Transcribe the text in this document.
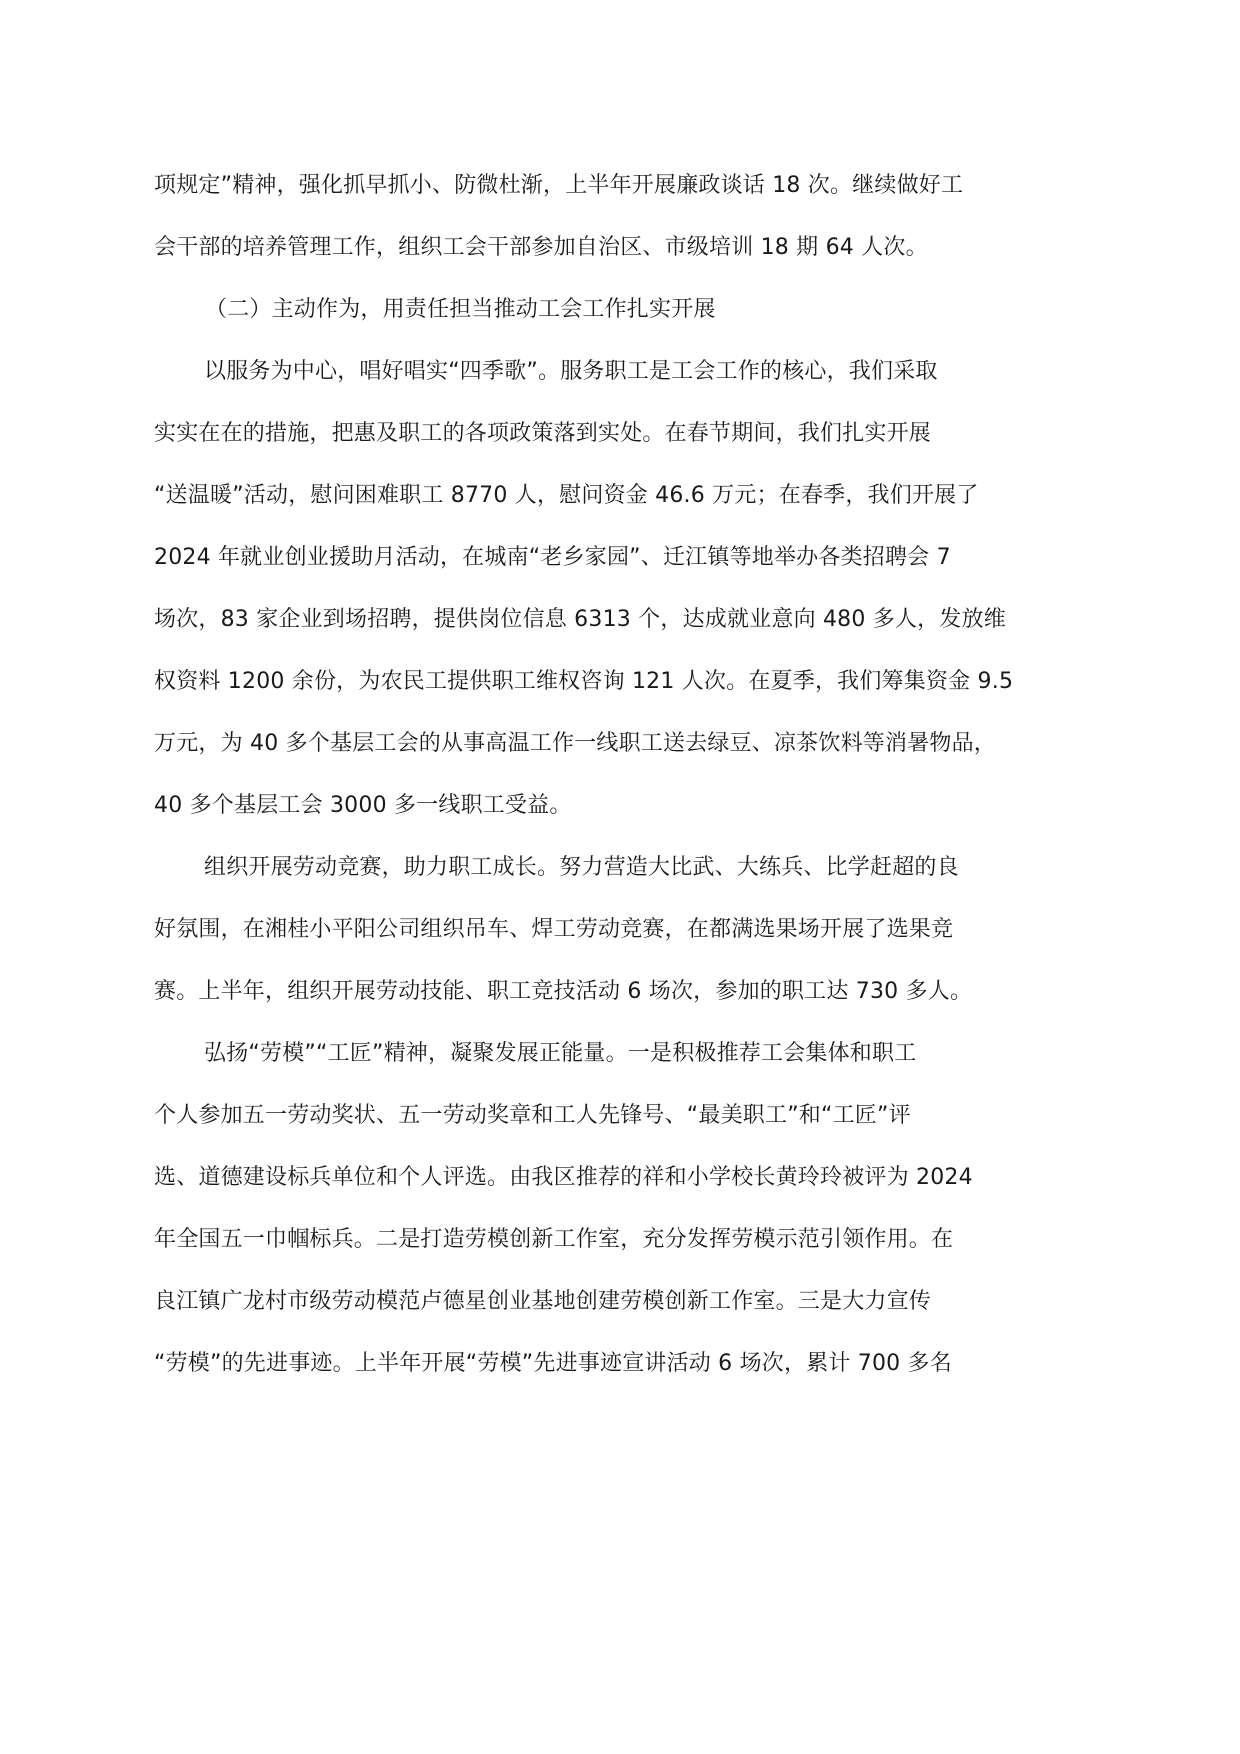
项规定”精神，强化抓早抓小、防微杜渐，上半年开展廉政谈话 18 次。继续做好工
会干部的培养管理工作，组织工会干部参加自治区、市级培训 18 期 64 人次。
（二）主动作为，用责任担当推动工会工作扎实开展
以服务为中心，唱好唱实“四季歌”。服务职工是工会工作的核心，我们采取
实实在在的措施，把惠及职工的各项政策落到实处。在春节期间，我们扎实开展
“送温暖”活动，慰问困难职工 8770 人，慰问资金 46.6 万元；在春季，我们开展了
2024 年就业创业援助月活动，在城南“老乡家园”、迁江镇等地举办各类招聘会 7
场次，83 家企业到场招聘，提供岗位信息 6313 个，达成就业意向 480 多人，发放维
权资料 1200 余份，为农民工提供职工维权咨询 121 人次。在夏季，我们筹集资金 9.5
万元，为 40 多个基层工会的从事高温工作一线职工送去绿豆、凉茶饮料等消暑物品，
40 多个基层工会 3000 多一线职工受益。
组织开展劳动竞赛，助力职工成长。努力营造大比武、大练兵、比学赶超的良
好氛围，在湘桂小平阳公司组织吊车、焊工劳动竞赛，在都满选果场开展了选果竞
赛。上半年，组织开展劳动技能、职工竞技活动 6 场次，参加的职工达 730 多人。
弘扬“劳模”“工匠”精神，凝聚发展正能量。一是积极推荐工会集体和职工
个人参加五一劳动奖状、五一劳动奖章和工人先锋号、“最美职工”和“工匠”评
选、道德建设标兵单位和个人评选。由我区推荐的祥和小学校长黄玲玲被评为 2024
年全国五一巾帼标兵。二是打造劳模创新工作室，充分发挥劳模示范引领作用。在
良江镇广龙村市级劳动模范卢德星创业基地创建劳模创新工作室。三是大力宣传
“劳模”的先进事迹。上半年开展“劳模”先进事迹宣讲活动 6 场次，累计 700 多名
